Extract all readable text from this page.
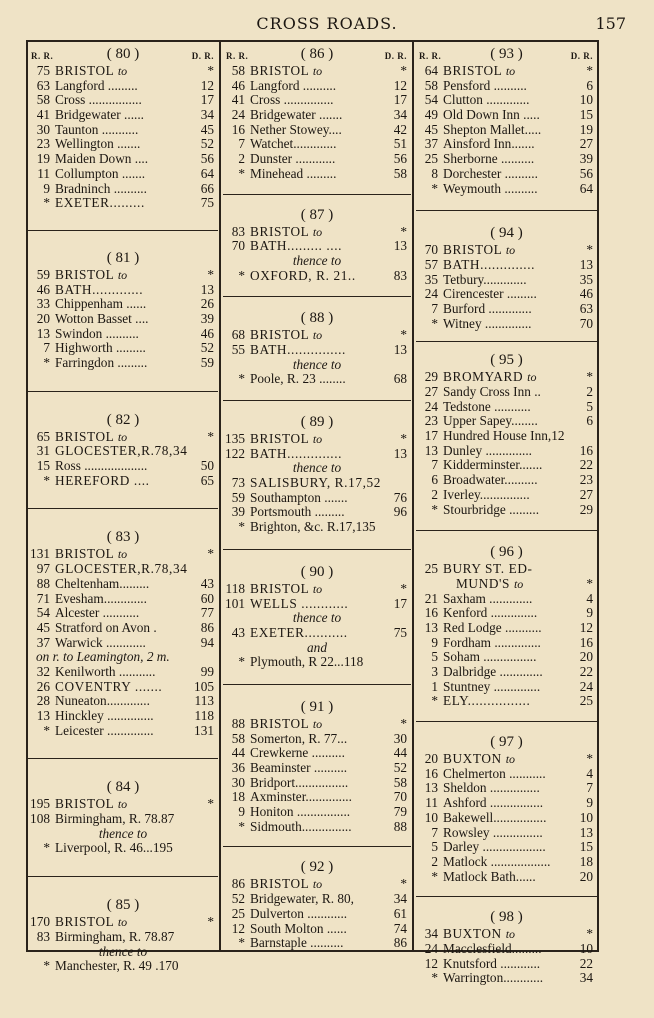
CROSS ROADS.	157
( 80 )
R. R.	D. R.
75 BRISTOL to	*
63 Langford .........	12
58 Cross ................	17
41 Bridgewater ......	34
30 Taunton ...........	45
23 Wellington .......	52
19 Maiden Down ....	56
11 Collumpton .......	64
9 Bradninch ..........	66
* EXETER.........	75
( 81 )
59 BRISTOL to	*
46 BATH.............	13
33 Chippenham ......	26
20 Wotton Basset ....	39
13 Swindon ..........	46
7 Highworth .........	52
* Farringdon .........	59
( 82 )
65 BRISTOL to	*
31 GLOCESTER,R.78,34
15 Ross ...................	50
* HEREFORD ....	65
( 83 )
131 BRISTOL to	*
97 GLOCESTER,R.78,34
88 Cheltenham.........	43
71 Evesham.............	60
54 Alcester ...........	77
45 Stratford on Avon .	86
37 Warwick ............	94
on r. to Leamington, 2 m.
32 Kenilworth ...........	99
26 COVENTRY .......	105
28 Nuneaton.............	113
13 Hinckley ..............	118
* Leicester ..............	131
( 84 )
195 BRISTOL to	*
108 Birmingham, R. 78.87
thence to
* Liverpool, R. 46...195
( 85 )
170 BRISTOL to	*
83 Birmingham, R. 78.87
thence to
* Manchester, R. 49 .170
( 86 )
R. R.	D. R.
58 BRISTOL to	*
46 Langford ..........	12
41 Cross ...............	17
24 Bridgewater .......	34
16 Nether Stowey....	42
7 Watchet.............	51
2 Dunster ............	56
* Minehead .........	58
( 87 )
83 BRISTOL to	*
70 BATH......... ....	13
thence to
* OXFORD, R. 21..	83
( 88 )
68 BRISTOL to	*
55 BATH...............	13
thence to
* Poole, R. 23 ........	68
( 89 )
135 BRISTOL to	*
122 BATH..............	13
thence to
73 SALISBURY, R.17,52
59 Southampton .......	76
39 Portsmouth .........	96
* Brighton, &c. R.17,135
( 90 )
118 BRISTOL to	*
101 WELLS ............	17
thence to
43 EXETER...........	75
and
* Plymouth, R 22...118
( 91 )
88 BRISTOL to	*
58 Somerton, R. 77...	30
44 Crewkerne ..........	44
36 Beaminster ..........	52
30 Bridport................	58
18 Axminster..............	70
9 Honiton ................	79
* Sidmouth...............	88
( 92 )
86 BRISTOL to	*
52 Bridgewater, R. 80,	34
25 Dulverton ............	61
12 South Molton ......	74
* Barnstaple ..........	86
( 93 )
R. R.	D. R.
64 BRISTOL to	*
58 Pensford ..........	6
54 Clutton .............	10
49 Old Down Inn .....	15
45 Shepton Mallet.....	19
37 Ainsford Inn.......	27
25 Sherborne ..........	39
8 Dorchester ..........	56
* Weymouth ..........	64
( 94 )
70 BRISTOL to	*
57 BATH..............	13
35 Tetbury.............	35
24 Cirencester .........	46
7 Burford .............	63
* Witney ..............	70
( 95 )
29 BROMYARD to	*
27 Sandy Cross Inn ..	2
24 Tedstone ...........	5
23 Upper Sapey........	6
17 Hundred House Inn,12
13 Dunley ..............	16
7 Kidderminster.......	22
6 Broadwater..........	23
2 Iverley...............	27
* Stourbridge .........	29
( 96 )
25 BURY ST. ED-
MUND'S to	*
21 Saxham .............	4
16 Kenford ..............	9
13 Red Lodge ...........	12
9 Fordham ..............	16
5 Soham ................	20
3 Dalbridge .............	22
1 Stuntney ..............	24
* ELY................	25
( 97 )
20 BUXTON to	*
16 Chelmerton ...........	4
13 Sheldon ...............	7
11 Ashford ................	9
10 Bakewell................	10
7 Rowsley ...............	13
5 Darley ...................	15
2 Matlock ..................	18
* Matlock Bath......	20
( 98 )
34 BUXTON to	*
24 Macclesfield.........	10
12 Knutsford ............	22
* Warrington............	34
